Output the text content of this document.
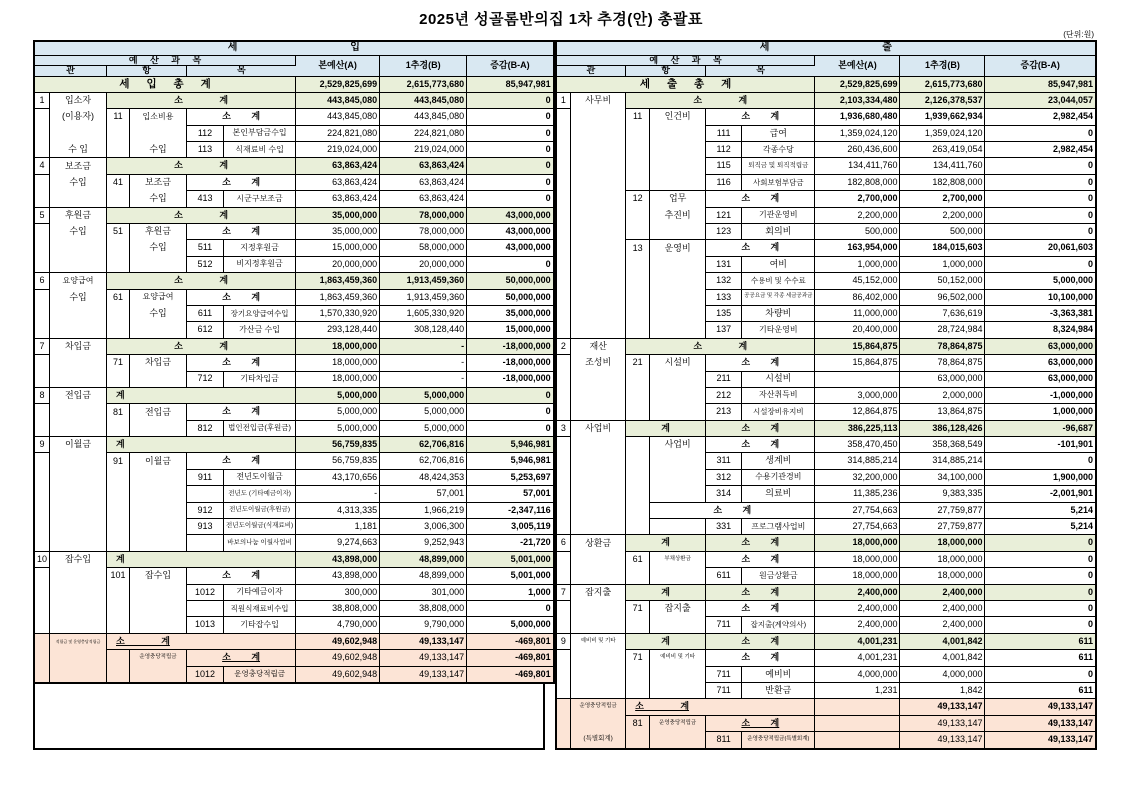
2025년 성골롬반의집 1차 추경(안) 총괄표
(단위:원)
세 입								
예 산 과 목						본예산(A)	1추경(B)	증감(B-A)
관		항		목				
세 입 총 계						2,529,825,699	2,615,773,680	85,947,981
1	입소자	소 계				443,845,080	443,845,080	0
	(이용자)	11	입소비용	소 계		443,845,080	443,845,080	0
				112	본인부담금수입	224,821,080	224,821,080	0
	수 입		수입	113	식재료비 수입	219,024,000	219,024,000	0
4	보조금	소 계				63,863,424	63,863,424	0
	수입	41	보조금	소 계		63,863,424	63,863,424	0
			수입	413	시군구보조금	63,863,424	63,863,424	0
5	후원금	소 계				35,000,000	78,000,000	43,000,000
	수입	51	후원금	소 계		35,000,000	78,000,000	43,000,000
			수입	511	지정후원금	15,000,000	58,000,000	43,000,000
				512	비지정후원금	20,000,000	20,000,000	0
6	요양급여	소 계				1,863,459,360	1,913,459,360	50,000,000
	수입	61	요양급여	소 계		1,863,459,360	1,913,459,360	50,000,000
			수입	611	장기요양급여수입	1,570,330,920	1,605,330,920	35,000,000
				612	가산금 수입	293,128,440	308,128,440	15,000,000
7	차입금	소 계				18,000,000	-	-18,000,000
		71	차입금	소 계		18,000,000	-	-18,000,000
				712	기타차입금	18,000,000	-	-18,000,000
8	전입금	계				5,000,000	5,000,000	0
		81	전입금	소 계		5,000,000	5,000,000	0
				812	법인전입금(후원금)	5,000,000	5,000,000	0
9	이월금	계				56,759,835	62,706,816	5,946,981
		91	이월금	소 계		56,759,835	62,706,816	5,946,981
				911	전년도이월금	43,170,656	48,424,353	5,253,697
					전년도 (기타예금이자)	-	57,001	57,001
				912	전년도이월금(후원금)	4,313,335	1,966,219	-2,347,116
				913	전년도이월금(식재료비)	1,181	3,006,300	3,005,119
					바보의나눔 이월사업비	9,274,663	9,252,943	-21,720
10	잡수입	계				43,898,000	48,899,000	5,001,000
		101	잡수입	소 계		43,898,000	48,899,000	5,001,000
				1012	기타예금이자	300,000	301,000	1,000
					직원식재료비수입	38,808,000	38,808,000	0
				1013	기타잡수입	4,790,000	9,790,000	5,000,000
	적립금 및 운영충당적립금	소 계				49,602,948	49,133,147	-469,801
			운영충당적립금	소 계		49,602,948	49,133,147	-469,801
				1012	운영충당적립금	49,602,948	49,133,147	-469,801
세 출								
예 산 과 목						본예산(A)	1추경(B)	증감(B-A)
관		항		목				
세 출 총 계						2,529,825,699	2,615,773,680	85,947,981
1	사무비	소 계				2,103,334,480	2,126,378,537	23,044,057
		11	인건비	소 계		1,936,680,480	1,939,662,934	2,982,454
				111	급여	1,359,024,120	1,359,024,120	0
				112	각종수당	260,436,600	263,419,054	2,982,454
				115	퇴직금 및 퇴직적립금	134,411,760	134,411,760	0
				116	사회보험부담금	182,808,000	182,808,000	0
		12	업무	소 계		2,700,000	2,700,000	0
			추진비	121	기관운영비	2,200,000	2,200,000	0
				123	회의비	500,000	500,000	0
		13	운영비	소 계		163,954,000	184,015,603	20,061,603
				131	여비	1,000,000	1,000,000	0
				132	수용비 및 수수료	45,152,000	50,152,000	5,000,000
				133	공공요금 및 각종 세금공과금	86,402,000	96,502,000	10,100,000
				135	차량비	11,000,000	7,636,619	-3,363,381
				137	기타운영비	20,400,000	28,724,984	8,324,984
2	재산	소 계				15,864,875	78,864,875	63,000,000
	조성비	21	시설비	소 계		15,864,875	78,864,875	63,000,000
				211	시설비		63,000,000	63,000,000
				212	자산취득비	3,000,000	2,000,000	-1,000,000
				213	시설장비유지비	12,864,875	13,864,875	1,000,000
3	사업비	계		소 계		386,225,113	386,128,426	-96,687
			사업비	소 계		358,470,450	358,368,549	-101,901
				311	생계비	314,885,214	314,885,214	0
				312	수용기관경비	32,200,000	34,100,000	1,900,000
				314	의료비	11,385,236	9,383,335	-2,001,901
			소 계			27,754,663	27,759,877	5,214
				331	프로그램사업비	27,754,663	27,759,877	5,214
6	상환금	계		소 계		18,000,000	18,000,000	0
		61	부채상환금	소 계		18,000,000	18,000,000	0
				611	원금상환금	18,000,000	18,000,000	0
7	잡지출	계		소 계		2,400,000	2,400,000	0
		71	잡지출	소 계		2,400,000	2,400,000	0
				711	잡지출(계약의사)	2,400,000	2,400,000	0
9	예비비 및 기타	계		소 계		4,001,231	4,001,842	611
		71	예비비 및 기타	소 계		4,001,231	4,001,842	611
				711	예비비	4,000,000	4,000,000	0
				711	반환금	1,231	1,842	611
	운영충당적립금	소 계					49,133,147	49,133,147
		81	운영충당적립금	소 계			49,133,147	49,133,147
	(특별회계)			811	운영충당적립금(특별회계)		49,133,147	49,133,147
